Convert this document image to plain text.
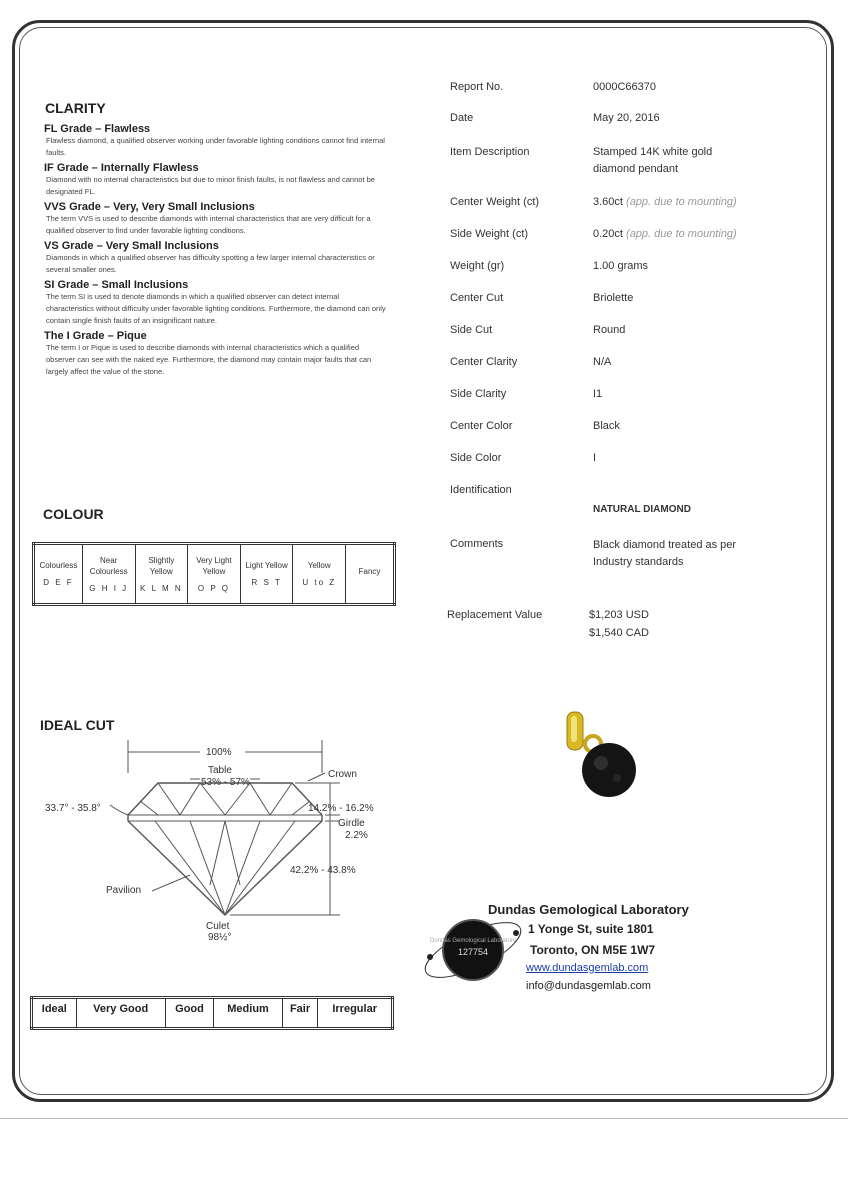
CLARITY
FL Grade – Flawless
Flawless diamond, a qualified observer working under favorable lighting conditions cannot find internal faults.
IF Grade – Internally Flawless
Diamond with no internal characteristics but due to minor finish faults, is not flawless and cannot be designated FL.
VVS Grade – Very, Very Small Inclusions
The term VVS is used to describe diamonds with internal characteristics that are very difficult for a qualified observer to find under favorable lighting conditions.
VS Grade – Very Small Inclusions
Diamonds in which a qualified observer has difficulty spotting a few larger internal characteristics or several smaller ones.
SI Grade – Small Inclusions
The term SI is used to denote diamonds in which a qualified observer can detect internal characteristics without difficulty under favorable lighting conditions. Furthermore, the diamond can only contain single finish faults of an insignificant nature.
The I Grade – Pique
The term I or Pique is used to describe diamonds with internal characteristics which a qualified observer can see with the naked eye. Furthermore, the diamond may contain major faults that can largely affect the value of the stone.
COLOUR
Colourless
D E F
	Near Colourless
G H I J
	Slightly Yellow
K L M N
	Very Light Yellow
O P Q
	Light Yellow
R S T
	Yellow
U to Z
	Fancy
IDEAL CUT
100%
Table
53% - 57%
Crown
33.7° - 35.8°	14.2% - 16.2%
Girdle
2.2%
42.2% - 43.8%
Pavilion
Culet
98½°
Ideal	Very Good	Good	Medium	Fair	Irregular
Report No.	0000C66370
Date	May 20, 2016
Item Description	Stamped 14K white gold diamond pendant
Center Weight (ct)	3.60ct (app. due to mounting)
Side Weight (ct)	0.20ct (app. due to mounting)
Weight (gr)	1.00 grams
Center Cut	Briolette
Side Cut	Round
Center Clarity	N/A
Side Clarity	I1
Center Color	Black
Side Color	I
Identification
NATURAL DIAMOND
Comments	Black diamond treated as per Industry standards
Replacement Value	$1,203 USD
$1,540 CAD
Dundas Gemological Laboratory
127754
Dundas Gemological Laboratory
1 Yonge St, suite 1801
Toronto, ON M5E 1W7
www.dundasgemlab.com
info@dundasgemlab.com
